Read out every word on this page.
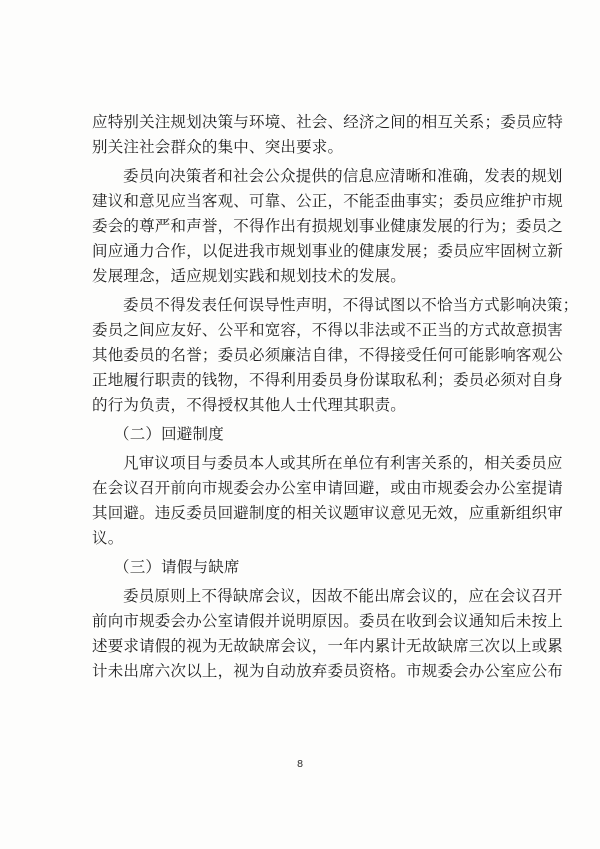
应特别关注规划决策与环境、社会、经济之间的相互关系；委员应特
别关注社会群众的集中、突出要求。
委员向决策者和社会公众提供的信息应清晰和准确，发表的规划
建议和意见应当客观、可靠、公正，不能歪曲事实；委员应维护市规
委会的尊严和声誉，不得作出有损规划事业健康发展的行为；委员之
间应通力合作，以促进我市规划事业的健康发展；委员应牢固树立新
发展理念，适应规划实践和规划技术的发展。
委员不得发表任何误导性声明，不得试图以不恰当方式影响决策；
委员之间应友好、公平和宽容，不得以非法或不正当的方式故意损害
其他委员的名誉；委员必须廉洁自律，不得接受任何可能影响客观公
正地履行职责的钱物，不得利用委员身份谋取私利；委员必须对自身
的行为负责，不得授权其他人士代理其职责。
（二）回避制度
凡审议项目与委员本人或其所在单位有利害关系的，相关委员应
在会议召开前向市规委会办公室申请回避，或由市规委会办公室提请
其回避。违反委员回避制度的相关议题审议意见无效，应重新组织审
议。
（三）请假与缺席
委员原则上不得缺席会议，因故不能出席会议的，应在会议召开
前向市规委会办公室请假并说明原因。委员在收到会议通知后未按上
述要求请假的视为无故缺席会议，一年内累计无故缺席三次以上或累
计未出席六次以上，视为自动放弃委员资格。市规委会办公室应公布
8
